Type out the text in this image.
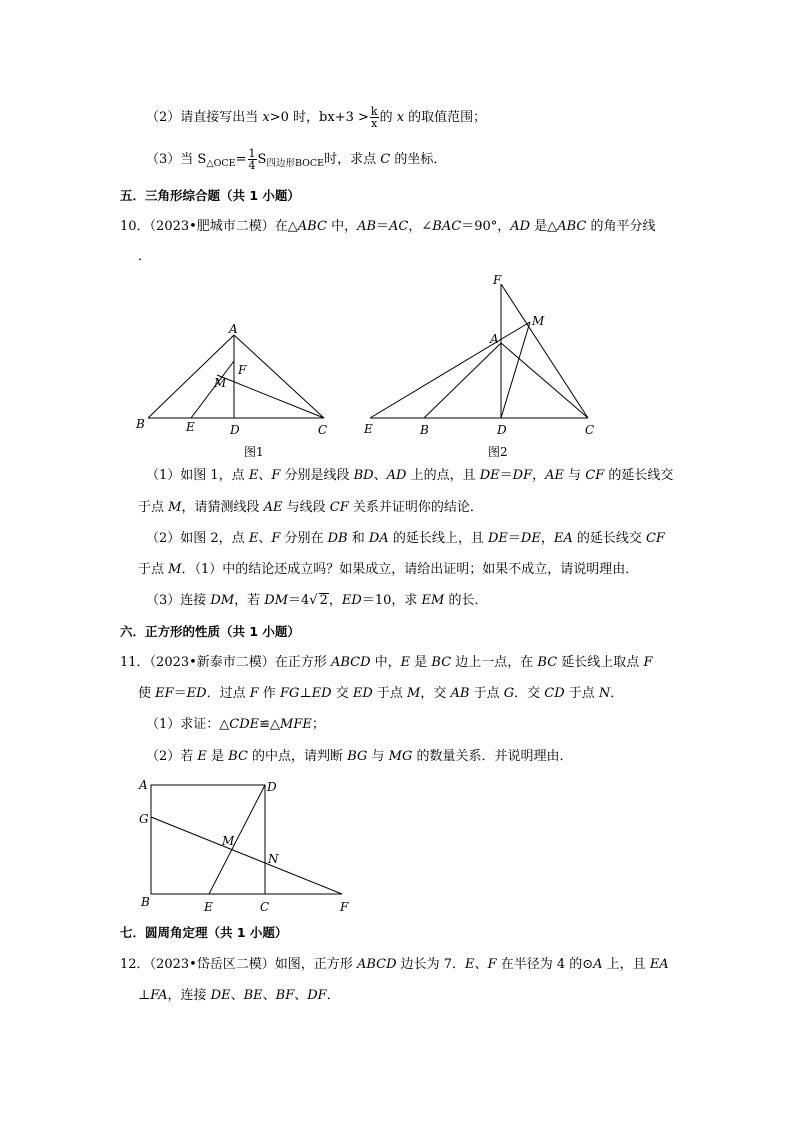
（2）请直接写出当 x>0 时，$bx+3 > \frac{k}{x}$ 的 x 的取值范围；
（3）当 $S_{\triangle OCE}= \frac{1}{4} S_{四边形BOCE}$时，求点 C 的坐标．
五．三角形综合题（共 1 小题）
10．（2023•肥城市二模）在△ABC 中，AB＝AC，∠BAC＝90°，AD 是△ABC 的角平分线
．
A
B	C
D
E
F
M
图1
F
M
A
E	B	D	C
图2
（1）如图 1，点 E、F 分别是线段 BD、AD 上的点，且 DE＝DF，AE 与 CF 的延长线交
于点 M，请猜测线段 AE 与线段 CF 关系并证明你的结论．
（2）如图 2，点 E、F 分别在 DB 和 DA 的延长线上，且 DE＝DE，EA 的延长线交 CF
于点 M．（1）中的结论还成立吗？如果成立，请给出证明；如果不成立，请说明理由．
（3）连接 DM，若 DM＝4√ 2，ED＝10，求 EM 的长．
六．正方形的性质（共 1 小题）
11．（2023•新泰市二模）在正方形 ABCD 中，E 是 BC 边上一点，在 BC 延长线上取点 F
使 EF＝ED．过点 F 作 FG⊥ED 交 ED 于点 M，交 AB 于点 G．交 CD 于点 N．
（1）求证：△CDE≌△MFE；
（2）若 E 是 BC 的中点，请判断 BG 与 MG 的数量关系．并说明理由．
A	D
G
M
N
B	E	C	F
七．圆周角定理（共 1 小题）
12．（2023•岱岳区二模）如图，正方形 ABCD 边长为 7．E、F 在半径为 4 的⊙A 上，且 EA
⊥FA，连接 DE、BE、BF、DF．
